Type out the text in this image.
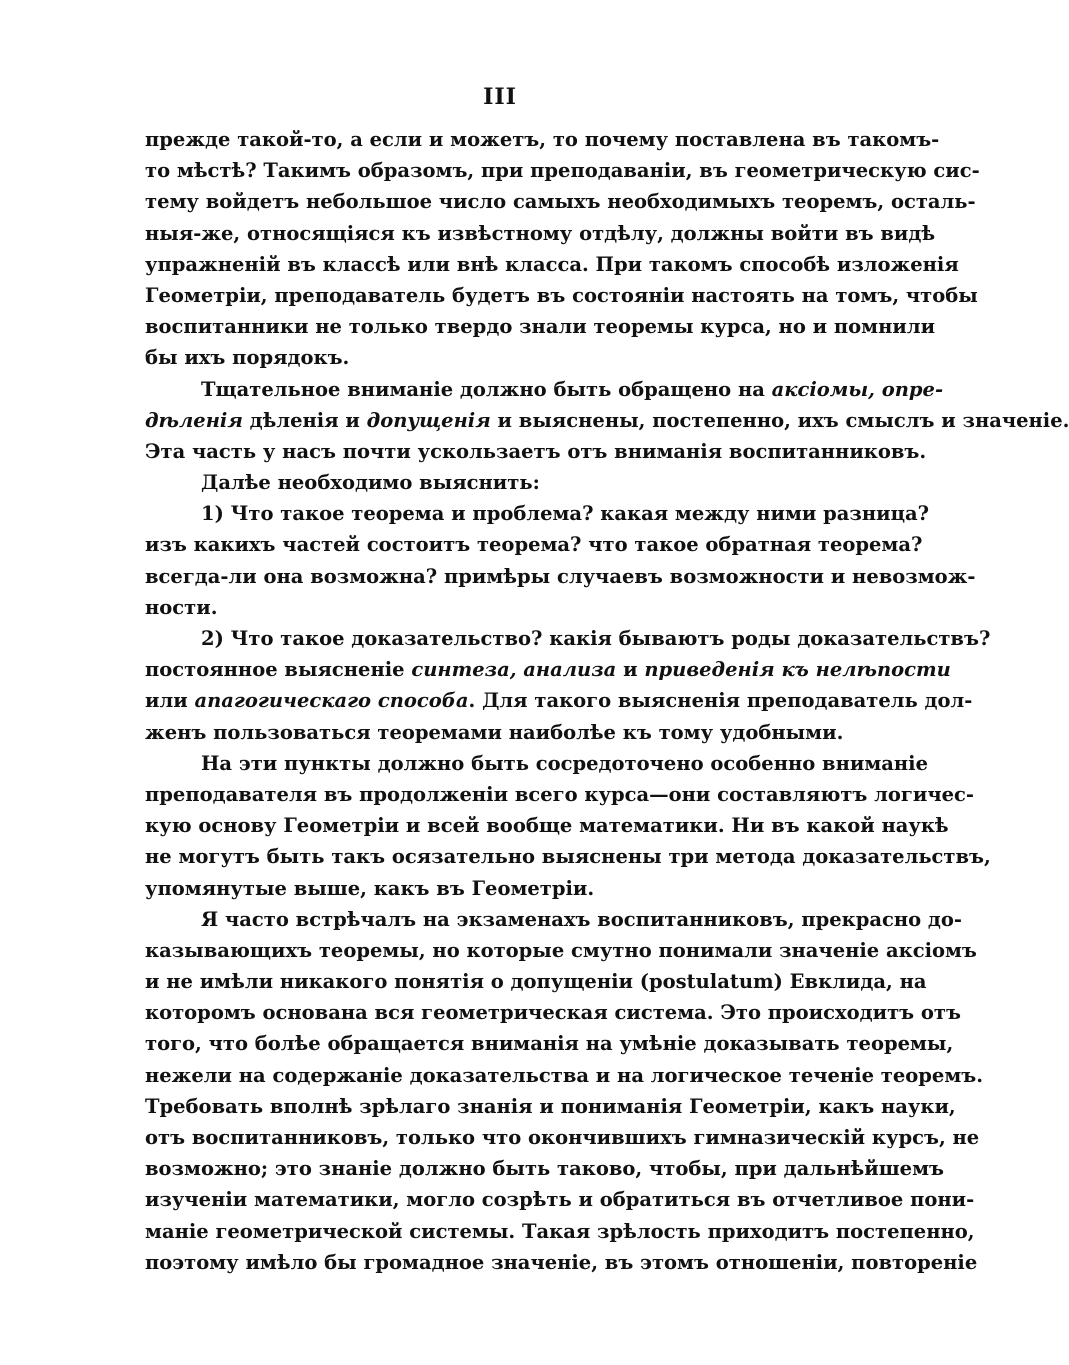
III
прежде такой-то, а если и можетъ, то почему поставлена въ такомъ-
то мѣстѣ? Такимъ образомъ, при преподаваніи, въ геометрическую сис-
тему войдетъ небольшое число самыхъ необходимыхъ теоремъ, осталь-
ныя-же, относящіяся къ извѣстному отдѣлу, должны войти въ видѣ
упражненій въ классѣ или внѣ класса. При такомъ способѣ изложенія
Геометріи, преподаватель будетъ въ состояніи настоять на томъ, чтобы
воспитанники не только твердо знали теоремы курса, но и помнили
бы ихъ порядокъ.
Тщательное вниманіе должно быть обращено на аксіомы, опре-
дѣленія дѣленія и допущенія и выяснены, постепенно, ихъ смыслъ и значеніе.
Эта часть у насъ почти ускользаетъ отъ вниманія воспитанниковъ.
Далѣе необходимо выяснить:
1) Что такое теорема и проблема? какая между ними разница?
изъ какихъ частей состоитъ теорема? что такое обратная теорема?
всегда-ли она возможна? примѣры случаевъ возможности и невозмож-
ности.
2) Что такое доказательство? какія бываютъ роды доказательствъ?
постоянное выясненіе синтеза, анализа и приведенія къ нелѣпости
или апагогическаго способа. Для такого выясненія преподаватель дол-
женъ пользоваться теоремами наиболѣе къ тому удобными.
На эти пункты должно быть сосредоточено особенно вниманіе
преподавателя въ продолженіи всего курса—они составляютъ логичес-
кую основу Геометріи и всей вообще математики. Ни въ какой наукѣ
не могутъ быть такъ осязательно выяснены три метода доказательствъ,
упомянутые выше, какъ въ Геометріи.
Я часто встрѣчалъ на экзаменахъ воспитанниковъ, прекрасно до-
казывающихъ теоремы, но которые смутно понимали значеніе аксіомъ
и не имѣли никакого понятія о допущеніи (postulatum) Евклида, на
которомъ основана вся геометрическая система. Это происходитъ отъ
того, что болѣе обращается вниманія на умѣніе доказывать теоремы,
нежели на содержаніе доказательства и на логическое теченіе теоремъ.
Требовать вполнѣ зрѣлаго знанія и пониманія Геометріи, какъ науки,
отъ воспитанниковъ, только что окончившихъ гимназическій курсъ, не
возможно; это знаніе должно быть таково, чтобы, при дальнѣйшемъ
изученіи математики, могло созрѣть и обратиться въ отчетливое пони-
маніе геометрической системы. Такая зрѣлость приходитъ постепенно,
поэтому имѣло бы громадное значеніе, въ этомъ отношеніи, повтореніе
